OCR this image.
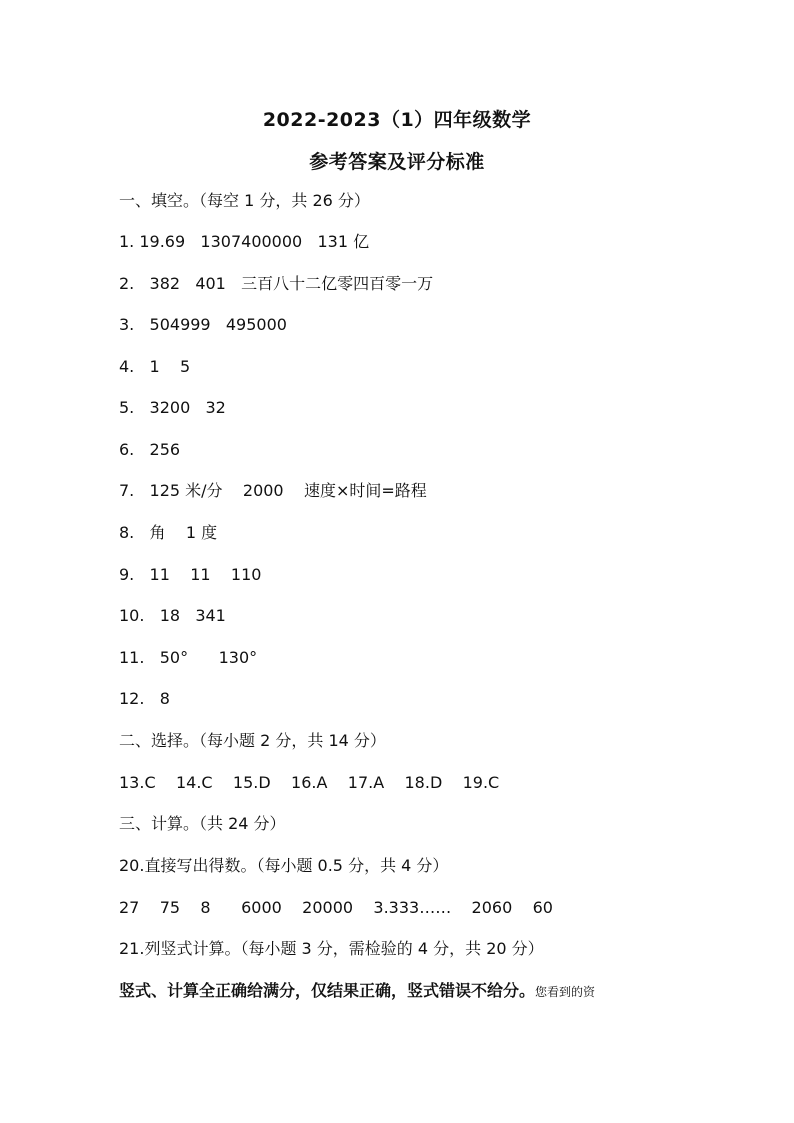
2022-2023（1）四年级数学
参考答案及评分标准
一、填空。（每空 1 分，共 26 分）
1. 19.69   1307400000   131 亿
2.   382   401   三百八十二亿零四百零一万
3.   504999   495000
4.   1    5
5.   3200   32
6.   256
7.   125 米/分    2000    速度×时间=路程
8.   角    1 度
9.   11    11    110
10.   18   341
11.   50°      130°
12.   8
二、选择。（每小题 2 分，共 14 分）
13.C    14.C    15.D    16.A    17.A    18.D    19.C
三、计算。（共 24 分）
20.直接写出得数。（每小题 0.5 分，共 4 分）
27    75    8      6000    20000    3.333……    2060    60
21.列竖式计算。（每小题 3 分，需检验的 4 分，共 20 分）
竖式、计算全正确给满分，仅结果正确，竖式错误不给分。您看到的资
